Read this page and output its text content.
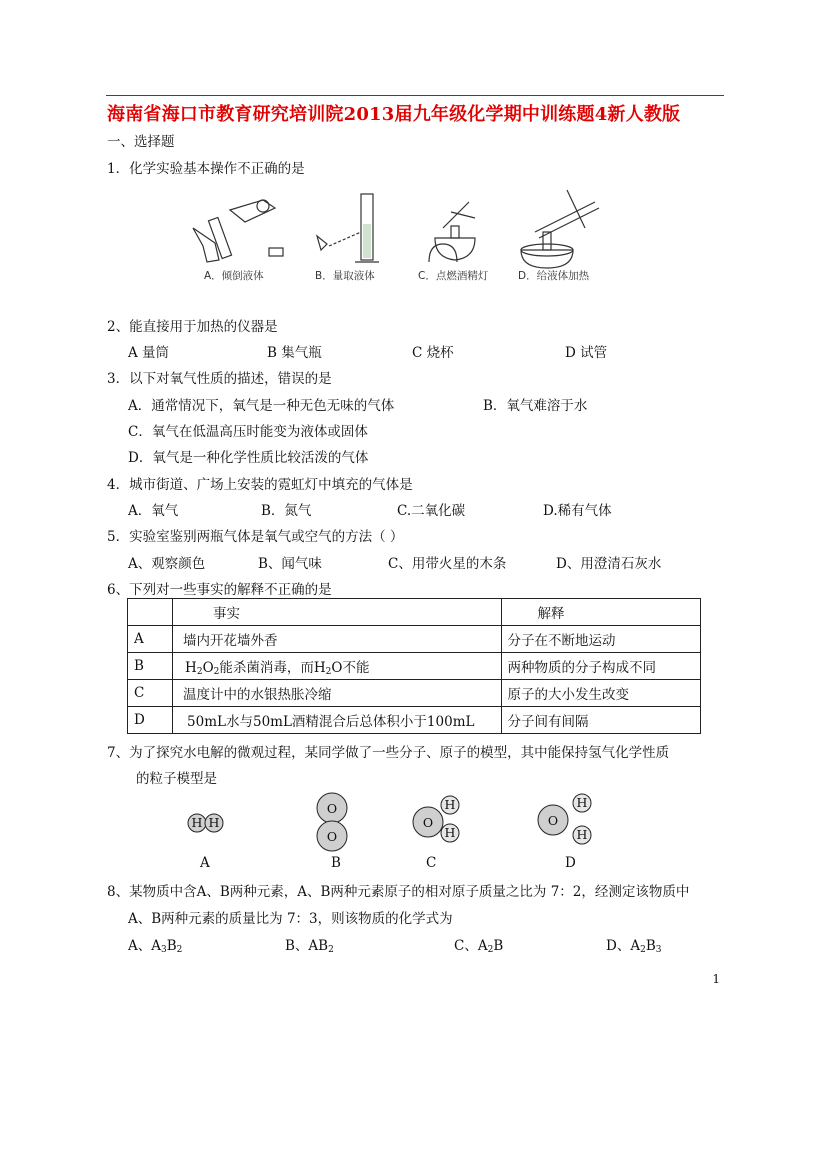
海南省海口市教育研究培训院2013届九年级化学期中训练题4新人教版
一、选择题
1．化学实验基本操作不正确的是
A．倾倒液体	B．量取液体	C．点燃酒精灯	D．给液体加热
2、能直接用于加热的仪器是
A 量筒	B 集气瓶	C 烧杯	D 试管
3．以下对氧气性质的描述，错误的是
A．通常情况下，氧气是一种无色无味的气体	B．氧气难溶于水
C．氧气在低温高压时能变为液体或固体
D．氧气是一种化学性质比较活泼的气体
4．城市街道、广场上安装的霓虹灯中填充的气体是
A．氧气	B．氮气	C.二氧化碳	D.稀有气体
5．实验室鉴别两瓶气体是氧气或空气的方法（ ）
A、观察颜色	B、闻气味	C、用带火星的木条	D、用澄清石灰水
6、下列对一些事实的解释不正确的是
	事实	解释
A	墙内开花墙外香	分子在不断地运动
B	$H_2O_2$能杀菌消毒，而$H_2O$不能	两种物质的分子构成不同
C	温度计中的水银热胀冷缩	原子的大小发生改变
D	50mL水与50mL酒精混合后总体积小于100mL	分子间有间隔
7、为了探究水电解的微观过程，某同学做了一些分子、原子的模型，其中能保持氢气化学性质
的粒子模型是
H H
O
O
O
H
H
O
H
H
A	B	C	D
8、某物质中含A、B两种元素，A、B两种元素原子的相对原子质量之比为 7：2，经测定该物质中
A、B两种元素的质量比为 7：3，则该物质的化学式为
A、$A_3B_2$	B、$AB_2$	C、$A_2B$	D、$A_2B_3$
1
